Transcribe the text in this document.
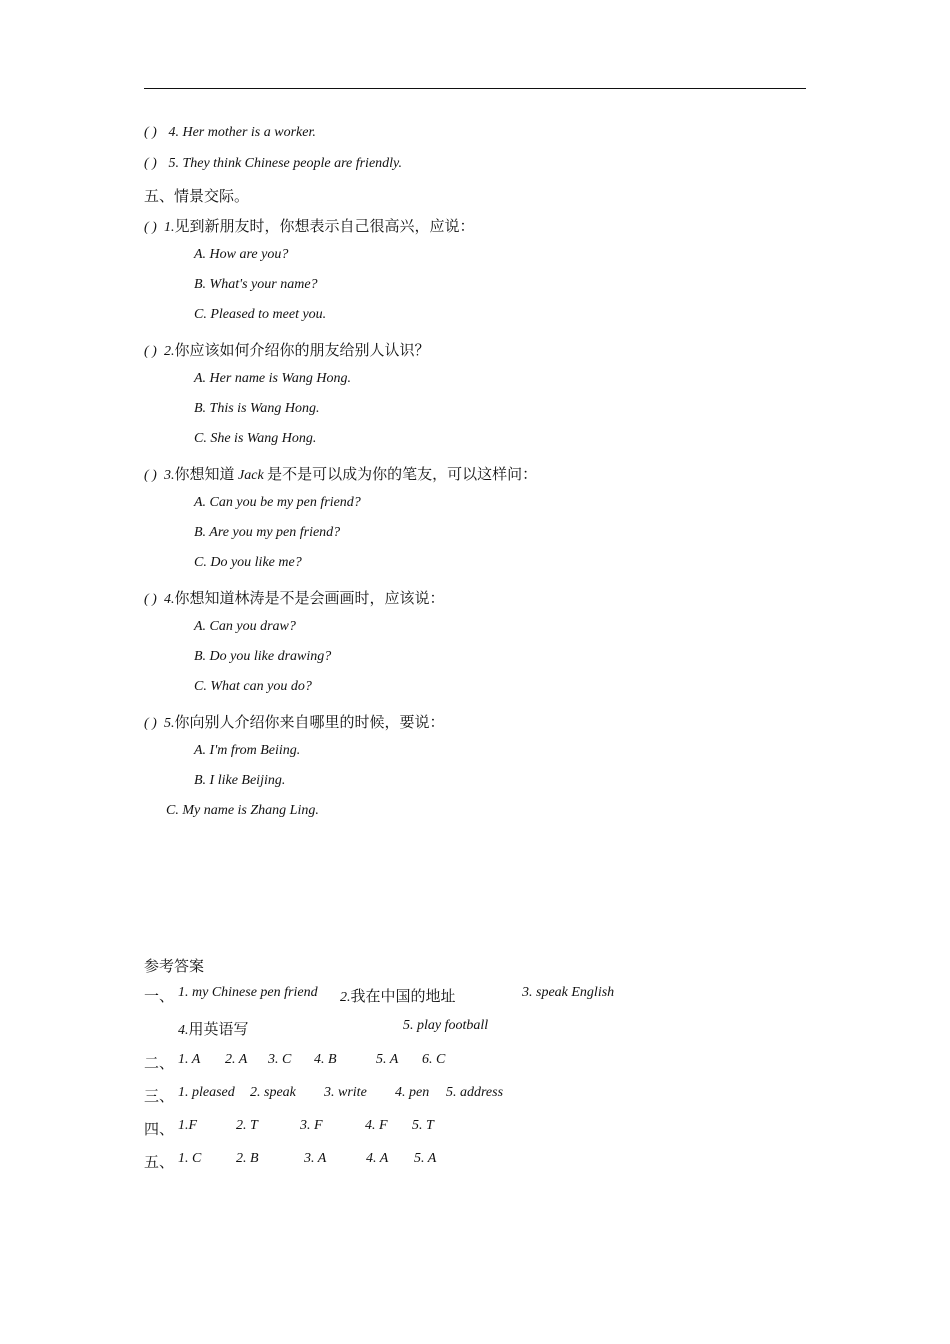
( ) 4. Her mother is a worker.
( ) 5. They think Chinese people are friendly.
五、情景交际。
( ) 1.见到新朋友时，你想表示自己很高兴，应说：
A. How are you?
B. What's your name?
C. Pleased to meet you.
( ) 2.你应该如何介绍你的朋友给别人认识？
A. Her name is Wang Hong.
B. This is Wang Hong.
C. She is Wang Hong.
( ) 3.你想知道 Jack 是不是可以成为你的笔友，可以这样问：
A. Can you be my pen friend?
B. Are you my pen friend?
C. Do you like me?
( ) 4.你想知道林涛是不是会画画时，应该说：
A. Can you draw?
B. Do you like drawing?
C. What can you do?
( ) 5.你向别人介绍你来自哪里的时候，要说：
A. I'm from Beiing.
B. I like Beijing.
C. My name is Zhang Ling.
参考答案
一、 1. my Chinese pen friend 2.我在中国的地址	3. speak English
4.用英语写	5. play football
二、 1. A 2. A 3. C 4. B	5. A 6. C
三、 1. pleased 2. speak 3. write 4. pen 5. address
四、 1.F	2. T	3. F	4. F 5. T
五、 1. C 2. B	3. A	4. A 5. A
